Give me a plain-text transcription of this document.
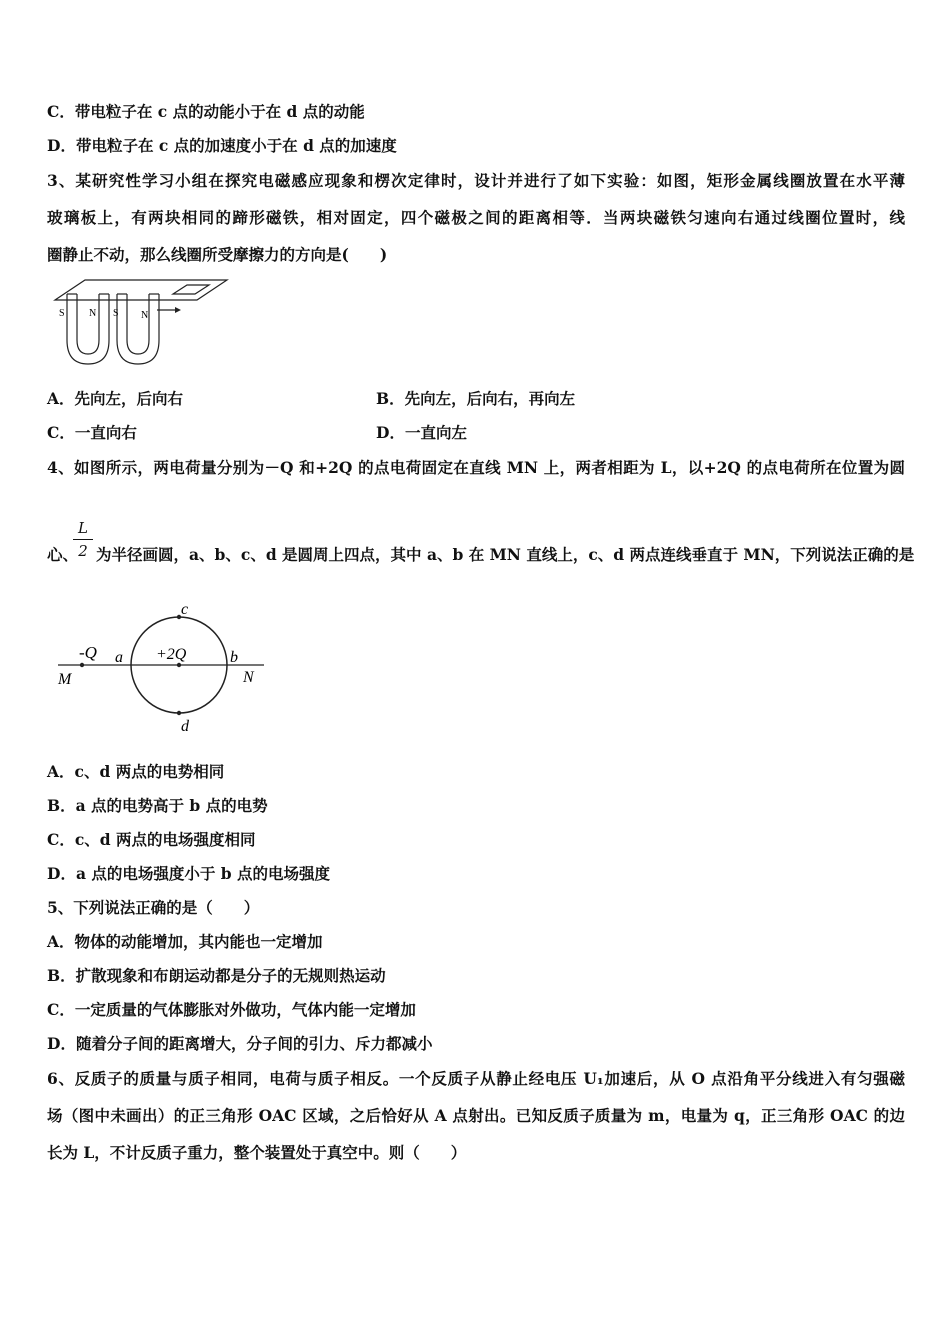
C．带电粒子在 c 点的动能小于在 d 点的动能
D．带电粒子在 c 点的加速度小于在 d 点的加速度
3、某研究性学习小组在探究电磁感应现象和楞次定律时，设计并进行了如下实验：如图，矩形金属线圈放置在水平薄
玻璃板上，有两块相同的蹄形磁铁，相对固定，四个磁极之间的距离相等．当两块磁铁匀速向右通过线圈位置时，线
圈静止不动，那么线圈所受摩擦力的方向是(　　)
S N S N
A．先向左，后向右	B．先向左，后向右，再向左
C．一直向右	D．一直向左
4、如图所示，两电荷量分别为－Q 和+2Q 的点电荷固定在直线 MN 上，两者相距为 L，以+2Q 的点电荷所在位置为圆
心、
L
2 为半径画圆，a、b、c、d 是圆周上四点，其中 a、b 在 MN 直线上，c、d 两点连线垂直于 MN，下列说法正确的是
-Q a +2Q	b
c
d
M	N
A．c、d 两点的电势相同
B．a 点的电势高于 b 点的电势
C．c、d 两点的电场强度相同
D．a 点的电场强度小于 b 点的电场强度
5、下列说法正确的是（　　）
A．物体的动能增加，其内能也一定增加
B．扩散现象和布朗运动都是分子的无规则热运动
C．一定质量的气体膨胀对外做功，气体内能一定增加
D．随着分子间的距离增大，分子间的引力、斥力都减小
6、反质子的质量与质子相同，电荷与质子相反。一个反质子从静止经电压 U₁加速后，从 O 点沿角平分线进入有匀强磁
场（图中未画出）的正三角形 OAC 区域，之后恰好从 A 点射出。已知反质子质量为 m，电量为 q，正三角形 OAC 的边
长为 L，不计反质子重力，整个装置处于真空中。则（　　）
